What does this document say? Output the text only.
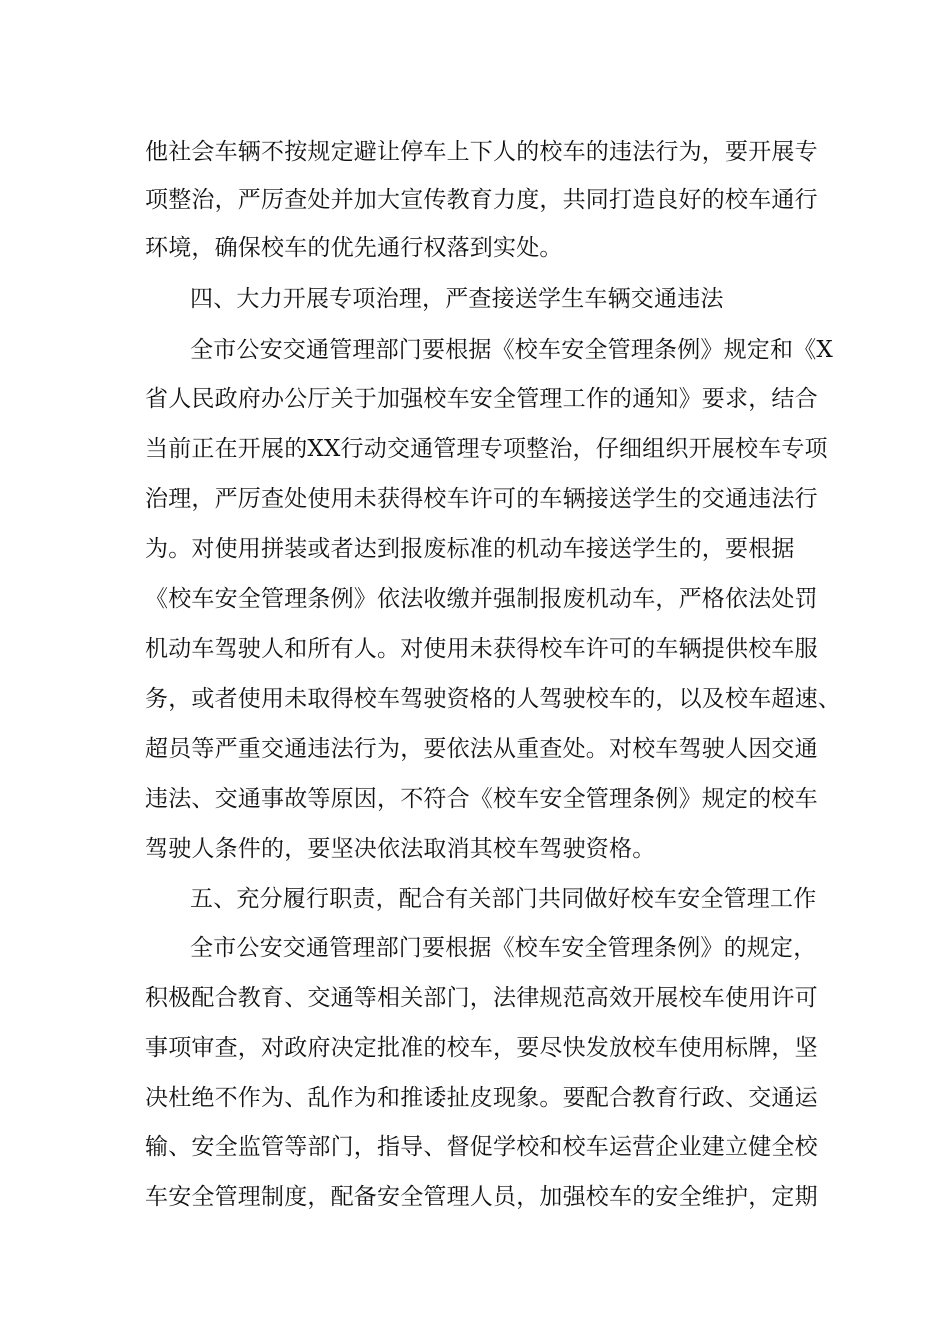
他社会车辆不按规定避让停车上下人的校车的违法行为，要开展专
项整治，严厉查处并加大宣传教育力度，共同打造良好的校车通行
环境，确保校车的优先通行权落到实处。
四、大力开展专项治理，严查接送学生车辆交通违法
全市公安交通管理部门要根据《校车安全管理条例》规定和《X
省人民政府办公厅关于加强校车安全管理工作的通知》要求，结合
当前正在开展的XX行动交通管理专项整治，仔细组织开展校车专项
治理，严厉查处使用未获得校车许可的车辆接送学生的交通违法行
为。对使用拼装或者达到报废标准的机动车接送学生的，要根据
《校车安全管理条例》依法收缴并强制报废机动车，严格依法处罚
机动车驾驶人和所有人。对使用未获得校车许可的车辆提供校车服
务，或者使用未取得校车驾驶资格的人驾驶校车的，以及校车超速、
超员等严重交通违法行为，要依法从重查处。对校车驾驶人因交通
违法、交通事故等原因，不符合《校车安全管理条例》规定的校车
驾驶人条件的，要坚决依法取消其校车驾驶资格。
五、充分履行职责，配合有关部门共同做好校车安全管理工作
全市公安交通管理部门要根据《校车安全管理条例》的规定，
积极配合教育、交通等相关部门，法律规范高效开展校车使用许可
事项审查，对政府决定批准的校车，要尽快发放校车使用标牌，坚
决杜绝不作为、乱作为和推诿扯皮现象。要配合教育行政、交通运
输、安全监管等部门，指导、督促学校和校车运营企业建立健全校
车安全管理制度，配备安全管理人员，加强校车的安全维护，定期
